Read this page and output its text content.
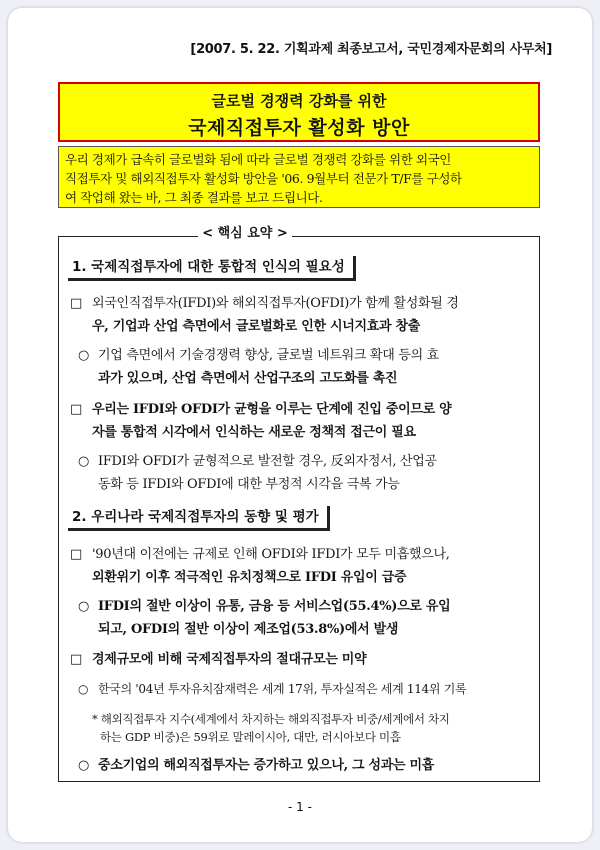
[2007. 5. 22. 기획과제 최종보고서, 국민경제자문회의 사무처]
글로벌 경쟁력 강화를 위한
국제직접투자 활성화 방안
우리 경제가 급속히 글로벌화 됨에 따라 글로벌 경쟁력 강화를 위한 외국인
직접투자 및 해외직접투자 활성화 방안을 '06. 9월부터 전문가 T/F를 구성하
여 작업해 왔는 바, 그 최종 결과를 보고 드립니다.
< 핵심 요약 >
1. 국제직접투자에 대한 통합적 인식의 필요성
□ 외국인직접투자(IFDI)와 해외직접투자(OFDI)가 함께 활성화될 경
우, 기업과 산업 측면에서 글로벌화로 인한 시너지효과 창출
○ 기업 측면에서 기술경쟁력 향상, 글로벌 네트워크 확대 등의 효
과가 있으며, 산업 측면에서 산업구조의 고도화를 촉진
□ 우리는 IFDI와 OFDI가 균형을 이루는 단계에 진입 중이므로 양
자를 통합적 시각에서 인식하는 새로운 정책적 접근이 필요
○ IFDI와 OFDI가 균형적으로 발전할 경우, 反외자정서, 산업공
동화 등 IFDI와 OFDI에 대한 부정적 시각을 극복 가능
2. 우리나라 국제직접투자의 동향 및 평가
□ '90년대 이전에는 규제로 인해 OFDI와 IFDI가 모두 미흡했으나,
외환위기 이후 적극적인 유치정책으로 IFDI 유입이 급증
○ IFDI의 절반 이상이 유통, 금융 등 서비스업(55.4%)으로 유입
되고, OFDI의 절반 이상이 제조업(53.8%)에서 발생
□ 경제규모에 비해 국제직접투자의 절대규모는 미약
○ 한국의 '04년 투자유치잠재력은 세계 17위, 투자실적은 세계 114위 기록
* 해외직접투자 지수(세계에서 차지하는 해외직접투자 비중/세계에서 차지
하는 GDP 비중)은 59위로 말레이시아, 대만, 러시아보다 미흡
○ 중소기업의 해외직접투자는 증가하고 있으나, 그 성과는 미흡
- 1 -
